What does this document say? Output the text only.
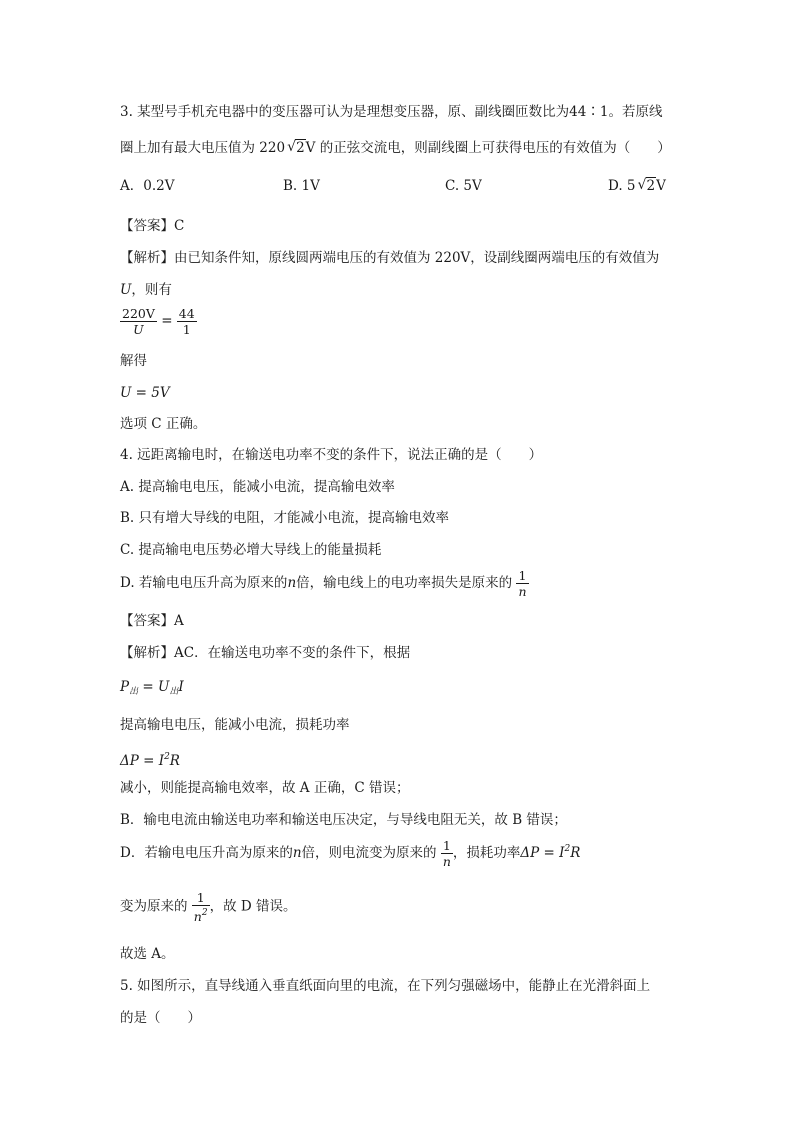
3. 某型号手机充电器中的变压器可认为是理想变压器，原、副线圈匝数比为44∶1。若原线
圈上加有最大电压值为 220 √ 2V 的正弦交流电，则副线圈上可获得电压的有效值为（　　）
A．0.2V	B. 1V	C. 5V	D. 5 √ 2V
【答案】C
【解析】由已知条件知，原线圆两端电压的有效值为 220V，设副线圈两端电压的有效值为
U，则有
$\frac{220V}{U} = \frac{44}{1}$
解得
U = 5V
选项 C 正确。
4. 远距离输电时，在输送电功率不变的条件下，说法正确的是（　　）
A. 提高输电电压，能减小电流，提高输电效率
B. 只有增大导线的电阻，才能减小电流，提高输电效率
C. 提高输电电压势必增大导线上的能量损耗
D. 若输电电压升高为原来的n倍，输电线上的电功率损失是原来的 $\frac{1}{n}$
【答案】A
【解析】AC．在输送电功率不变的条件下，根据
$P_出 = U_出I$
提高输电电压，能减小电流，损耗功率
$\Delta P = I^2R$
减小，则能提高输电效率，故 A 正确，C 错误；
B．输电电流由输送电功率和输送电压决定，与导线电阻无关，故 B 错误；
D．若输电电压升高为原来的n倍，则电流变为原来的 $\frac{1}{n}$ ，损耗功率$\Delta P = I^2R$
变为原来的 $\frac{1}{n^2}$ ，故 D 错误。
故选 A。
5. 如图所示，直导线通入垂直纸面向里的电流，在下列匀强磁场中，能静止在光滑斜面上
的是（　　）
